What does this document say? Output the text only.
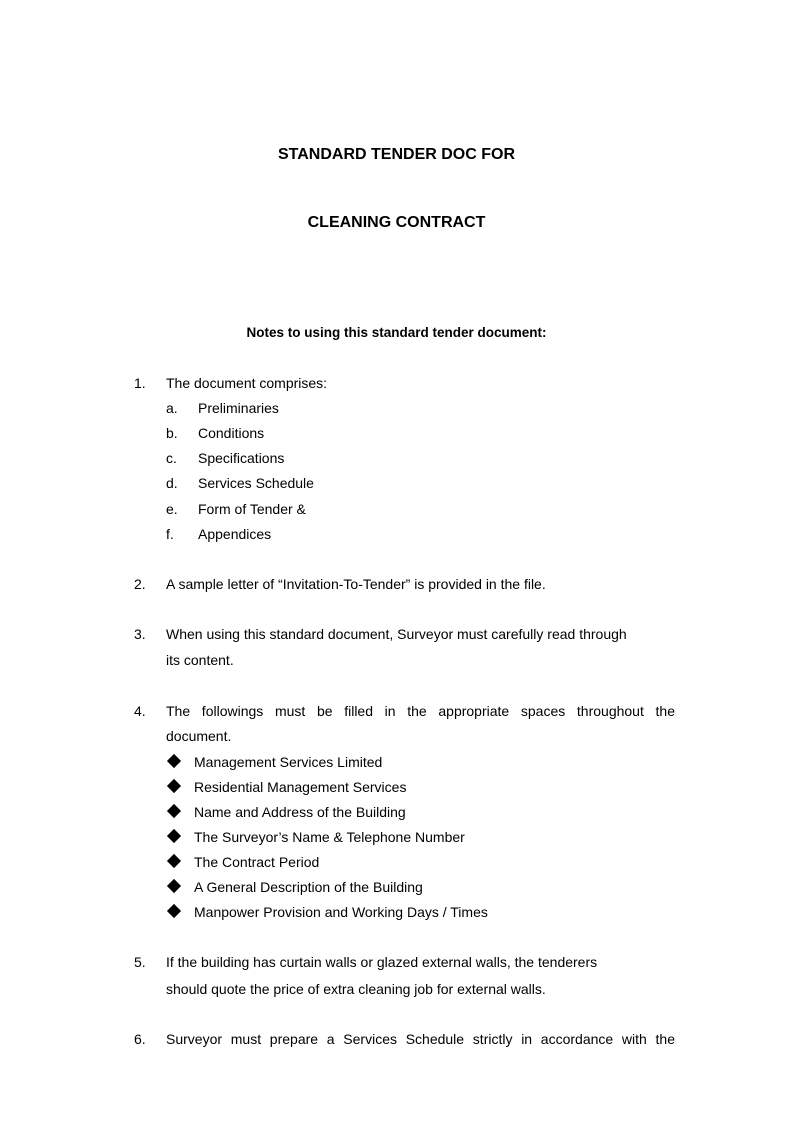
STANDARD TENDER DOC FOR
CLEANING CONTRACT
Notes to using this standard tender document:
1. The document comprises:
a. Preliminaries
b. Conditions
c. Specifications
d. Services Schedule
e. Form of Tender &
f. Appendices
2. A sample letter of “Invitation-To-Tender” is provided in the file.
3. When using this standard document, Surveyor must carefully read through

its content.
4. The followings must be filled in the appropriate spaces throughout the

document.
Management Services Limited
Residential Management Services
Name and Address of the Building
The Surveyor’s Name & Telephone Number
The Contract Period
A General Description of the Building
Manpower Provision and Working Days / Times
5. If the building has curtain walls or glazed external walls, the tenderers

should quote the price of extra cleaning job for external walls.
6. Surveyor must prepare a Services Schedule strictly in accordance with the
